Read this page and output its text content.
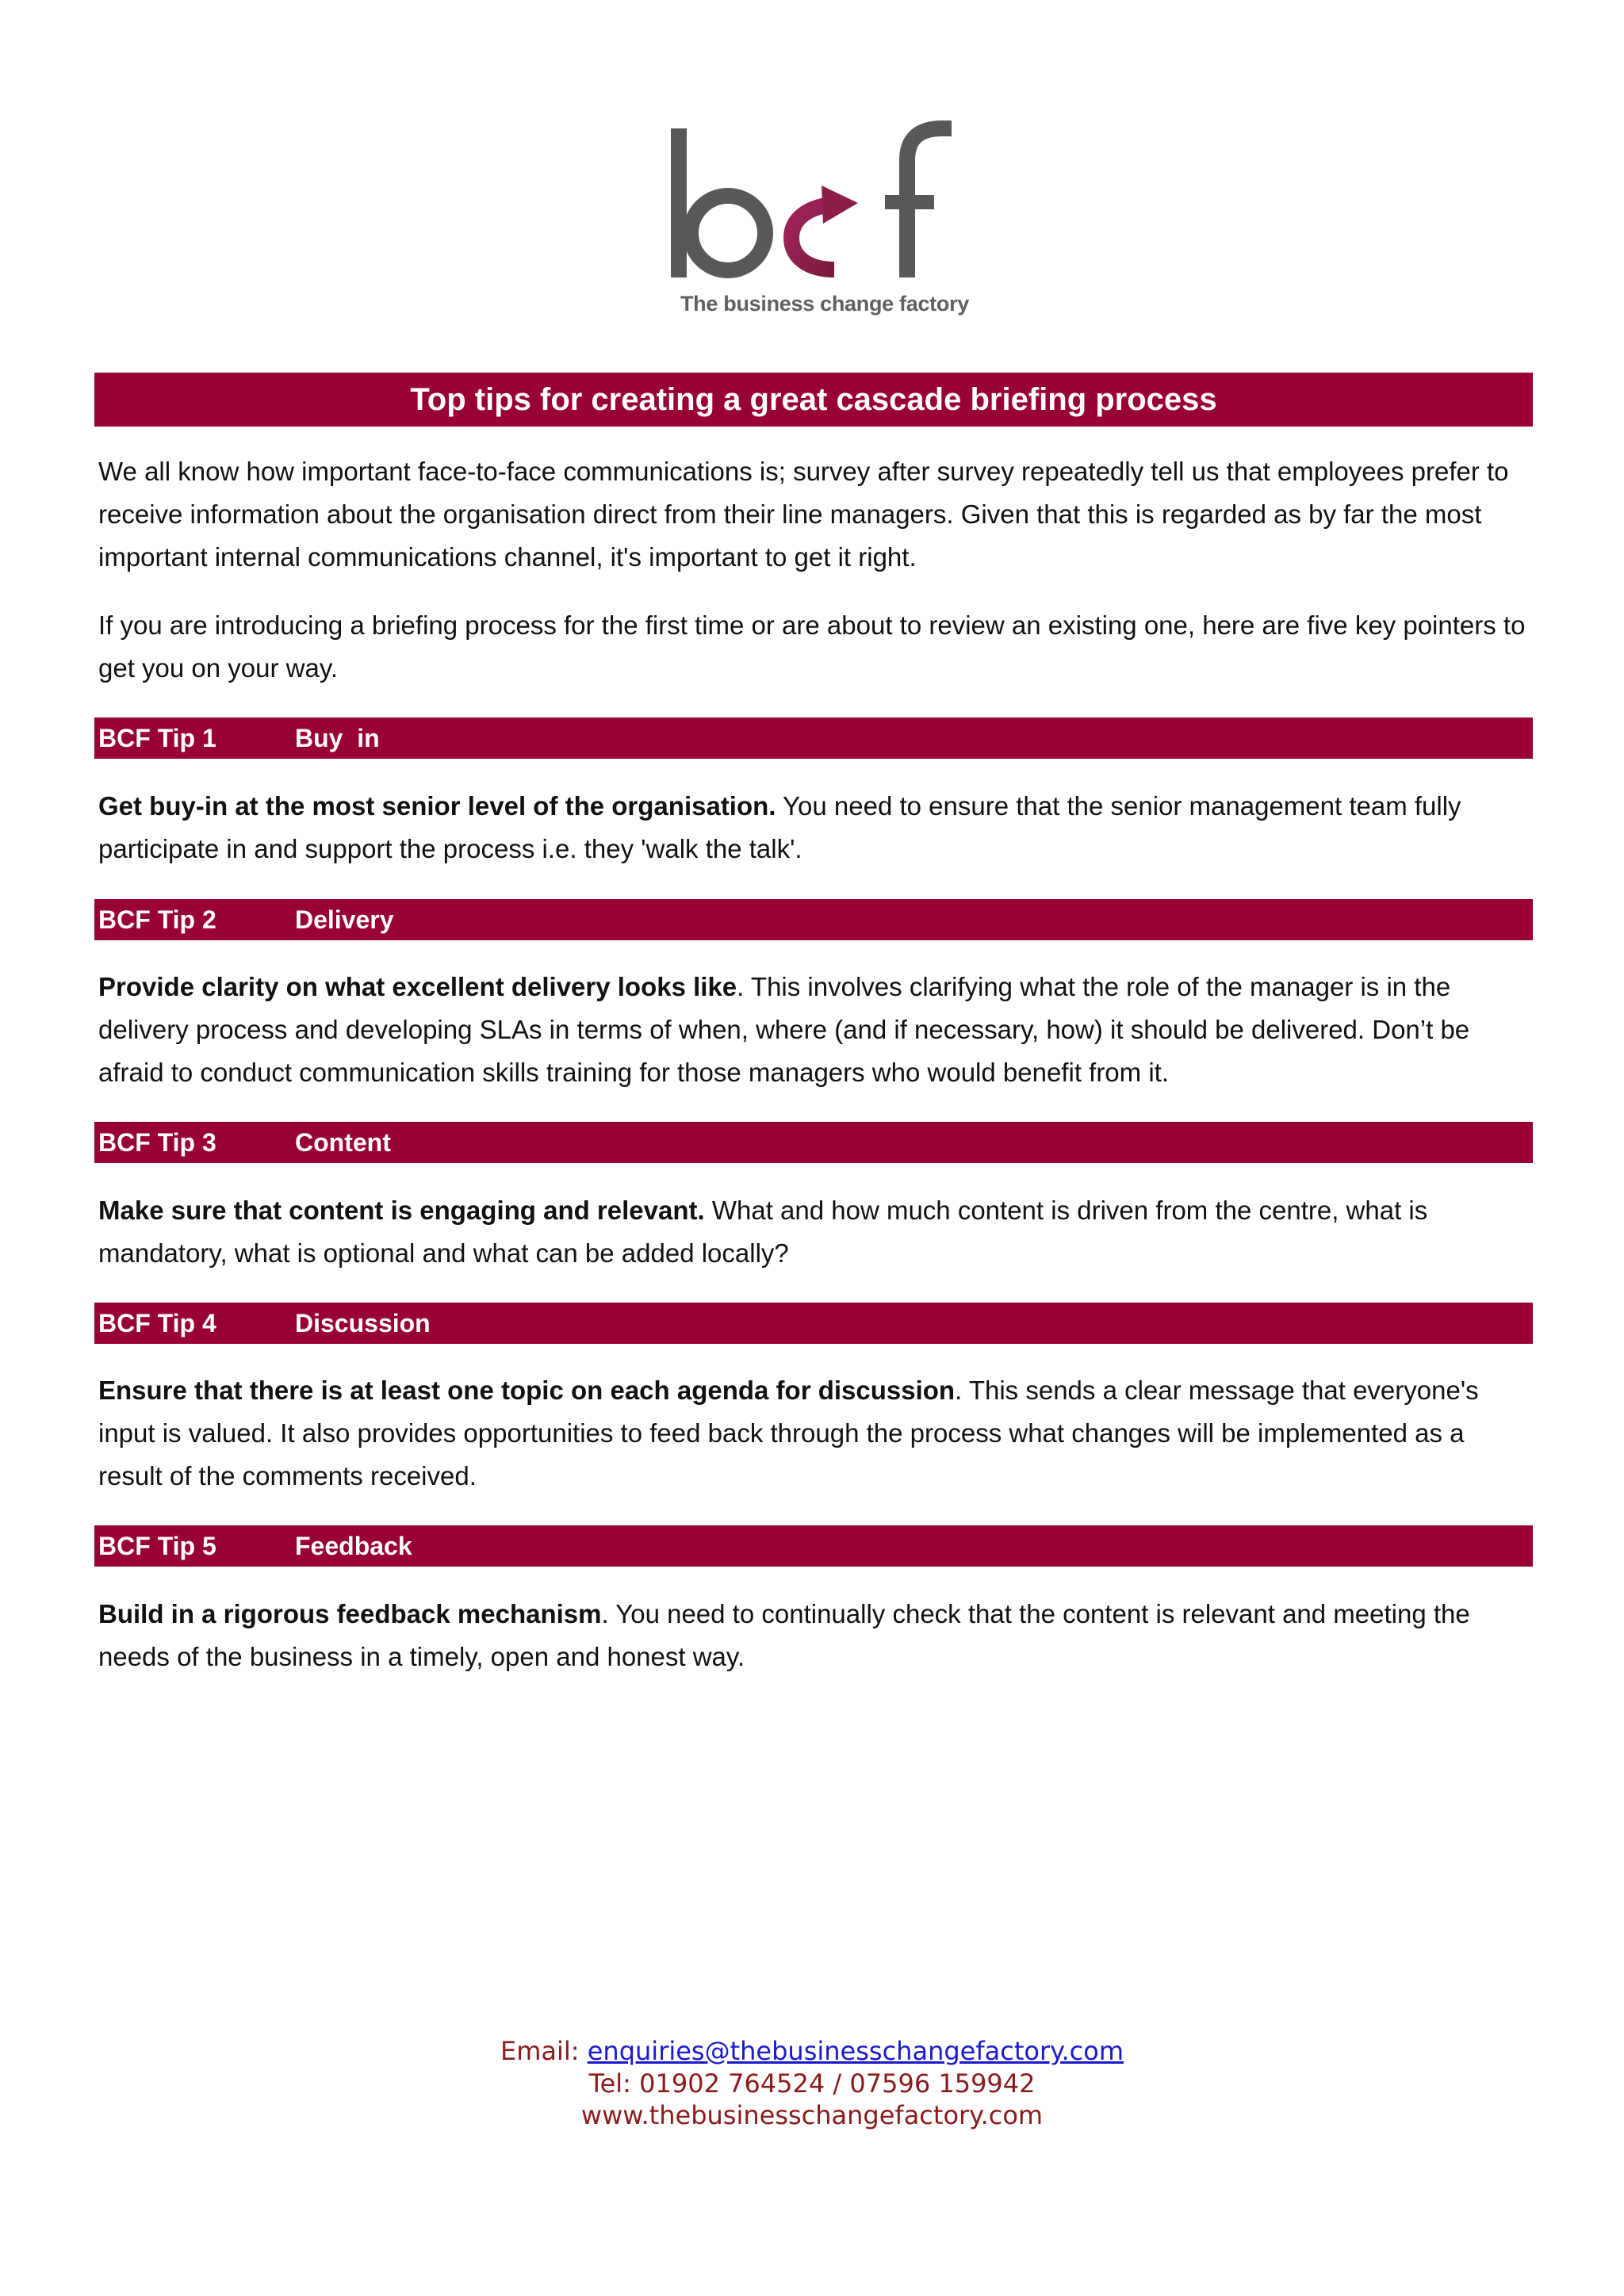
The business change factory
Top tips for creating a great cascade briefing process

We all know how important face-to-face communications is; survey after survey repeatedly tell us that employees prefer to receive information about the organisation direct from their line managers. Given that this is regarded as by far the most important internal communications channel, it's important to get it right.

If you are introducing a briefing process for the first time or are about to review an existing one, here are five key pointers to get you on your way.

BCF Tip 1	Buy  in

Get buy-in at the most senior level of the organisation. You need to ensure that the senior management team fully participate in and support the process i.e. they 'walk the talk'.

BCF Tip 2	Delivery

Provide clarity on what excellent delivery looks like. This involves clarifying what the role of the manager is in the delivery process and developing SLAs in terms of when, where (and if necessary, how) it should be delivered. Don’t be afraid to conduct communication skills training for those managers who would benefit from it.

BCF Tip 3	Content

Make sure that content is engaging and relevant. What and how much content is driven from the centre, what is mandatory, what is optional and what can be added locally?

BCF Tip 4	Discussion

Ensure that there is at least one topic on each agenda for discussion. This sends a clear message that everyone's input is valued. It also provides opportunities to feed back through the process what changes will be implemented as a result of the comments received.

BCF Tip 5	Feedback

Build in a rigorous feedback mechanism. You need to continually check that the content is relevant and meeting the needs of the business in a timely, open and honest way.

Email: enquiries@thebusinesschangefactory.com
Tel: 01902 764524 / 07596 159942
www.thebusinesschangefactory.com
